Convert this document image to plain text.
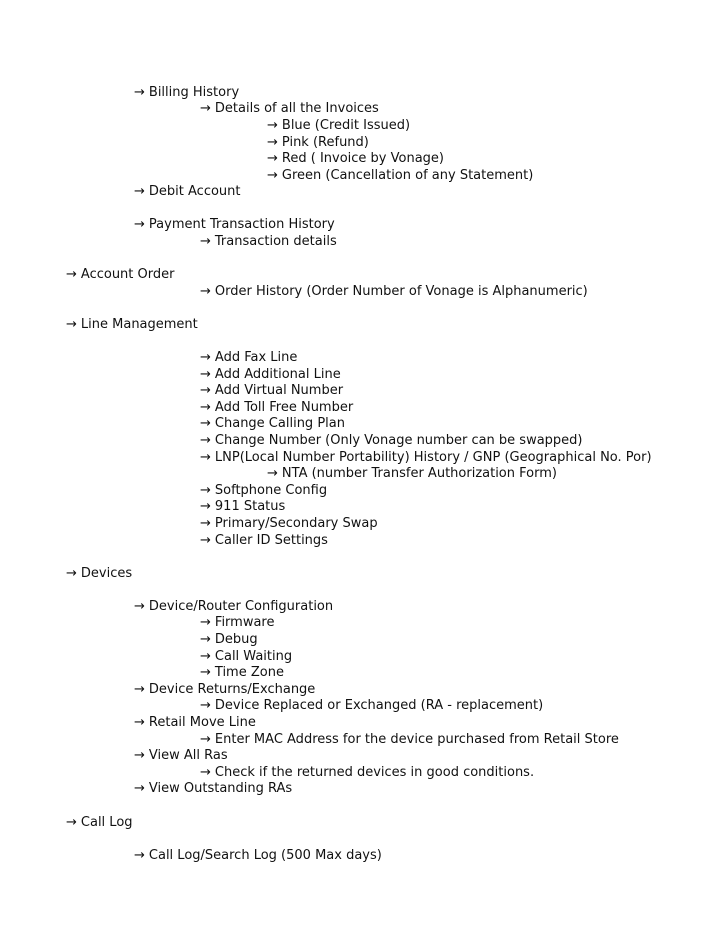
→ Billing History
→ Details of all the Invoices
→ Blue (Credit Issued)
→ Pink (Refund)
→ Red ( Invoice by Vonage)
→ Green (Cancellation of any Statement)
→ Debit Account
→ Payment Transaction History
→ Transaction details
→ Account Order
→ Order History (Order Number of Vonage is Alphanumeric)
→ Line Management
→ Add Fax Line
→ Add Additional Line
→ Add Virtual Number
→ Add Toll Free Number
→ Change Calling Plan
→ Change Number (Only Vonage number can be swapped)
→ LNP(Local Number Portability) History / GNP (Geographical No. Por)
→ NTA (number Transfer Authorization Form)
→ Softphone Config
→ 911 Status
→ Primary/Secondary Swap
→ Caller ID Settings
→ Devices
→ Device/Router Configuration
→ Firmware
→ Debug
→ Call Waiting
→ Time Zone
→ Device Returns/Exchange
→ Device Replaced or Exchanged (RA - replacement)
→ Retail Move Line
→ Enter MAC Address for the device purchased from Retail Store
→ View All Ras
→ Check if the returned devices in good conditions.
→ View Outstanding RAs
→ Call Log
→ Call Log/Search Log (500 Max days)
